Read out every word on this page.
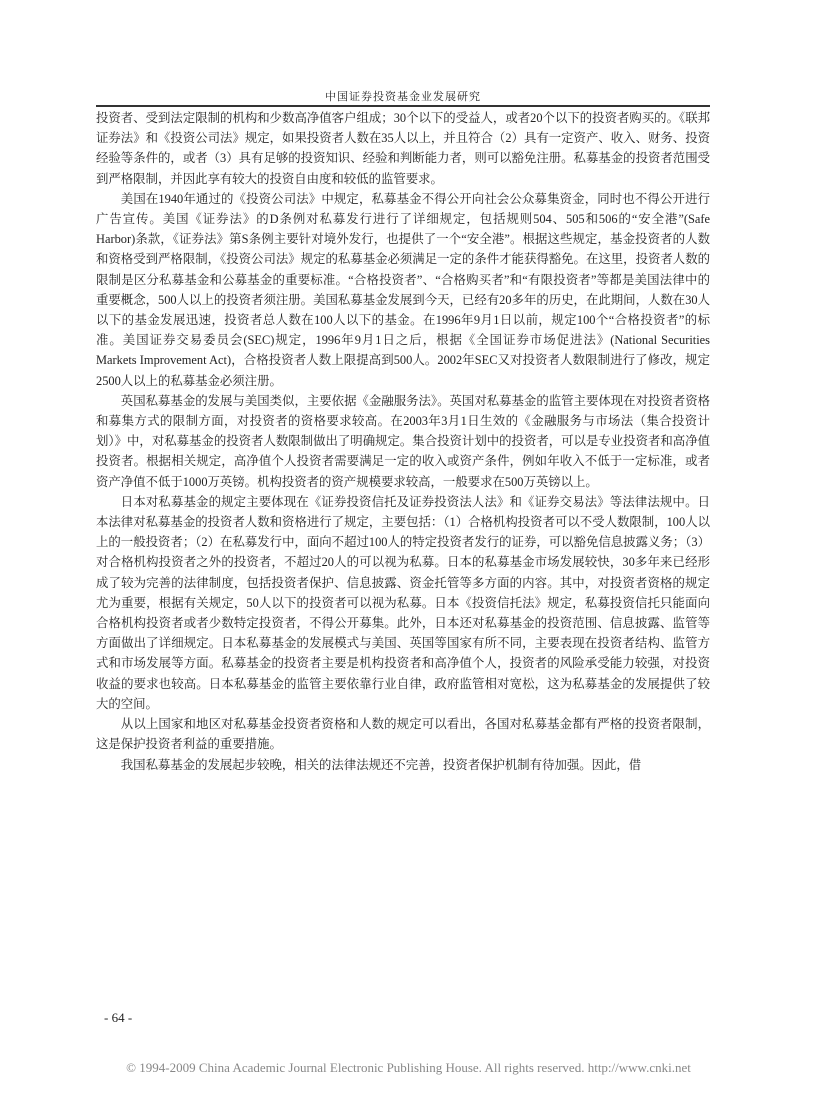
中国证券投资基金业发展研究

投资者、受到法定限制的机构和少数高净值客户组成；30个以下的受益人，或者20个以下的投资者购买的。《联邦证券法》和《投资公司法》规定，如果投资者人数在35人以上，并且符合（2）具有一定资产、收入、财务、投资经验等条件的，或者（3）具有足够的投资知识、经验和判断能力者，则可以豁免注册。私募基金的投资者范围受到严格限制，并因此享有较大的投资自由度和较低的监管要求。

美国在1940年通过的《投资公司法》中规定，私募基金不得公开向社会公众募集资金，同时也不得公开进行广告宣传。美国《证券法》的D条例对私募发行进行了详细规定，包括规则504、505和506的“安全港”(Safe Harbor)条款，《证券法》第S条例主要针对境外发行，也提供了一个“安全港”。根据这些规定，基金投资者的人数和资格受到严格限制，《投资公司法》规定的私募基金必须满足一定的条件才能获得豁免。在这里，投资者人数的限制是区分私募基金和公募基金的重要标准。“合格投资者”、“合格购买者”和“有限投资者”等都是美国法律中的重要概念，500人以上的投资者须注册。美国私募基金发展到今天，已经有20多年的历史，在此期间，人数在30人以下的基金发展迅速，投资者总人数在100人以下的基金。在1996年9月1日以前，规定100个“合格投资者”的标准。美国证券交易委员会(SEC)规定，1996年9月1日之后，根据《全国证券市场促进法》(National Securities Markets Improvement Act)，合格投资者人数上限提高到500人。2002年SEC又对投资者人数限制进行了修改，规定2500人以上的私募基金必须注册。

英国私募基金的发展与美国类似，主要依据《金融服务法》。英国对私募基金的监管主要体现在对投资者资格和募集方式的限制方面，对投资者的资格要求较高。在2003年3月1日生效的《金融服务与市场法（集合投资计划）》中，对私募基金的投资者人数限制做出了明确规定。集合投资计划中的投资者，可以是专业投资者和高净值投资者。根据相关规定，高净值个人投资者需要满足一定的收入或资产条件，例如年收入不低于一定标准，或者资产净值不低于1000万英镑。机构投资者的资产规模要求较高，一般要求在500万英镑以上。

日本对私募基金的规定主要体现在《证券投资信托及证券投资法人法》和《证券交易法》等法律法规中。日本法律对私募基金的投资者人数和资格进行了规定，主要包括：（1）合格机构投资者可以不受人数限制，100人以上的一般投资者；（2）在私募发行中，面向不超过100人的特定投资者发行的证券，可以豁免信息披露义务；（3）对合格机构投资者之外的投资者，不超过20人的可以视为私募。日本的私募基金市场发展较快，30多年来已经形成了较为完善的法律制度，包括投资者保护、信息披露、资金托管等多方面的内容。其中，对投资者资格的规定尤为重要，根据有关规定，50人以下的投资者可以视为私募。日本《投资信托法》规定，私募投资信托只能面向合格机构投资者或者少数特定投资者，不得公开募集。此外，日本还对私募基金的投资范围、信息披露、监管等方面做出了详细规定。日本私募基金的发展模式与美国、英国等国家有所不同，主要表现在投资者结构、监管方式和市场发展等方面。私募基金的投资者主要是机构投资者和高净值个人，投资者的风险承受能力较强，对投资收益的要求也较高。日本私募基金的监管主要依靠行业自律，政府监管相对宽松，这为私募基金的发展提供了较大的空间。

从以上国家和地区对私募基金投资者资格和人数的规定可以看出，各国对私募基金都有严格的投资者限制，这是保护投资者利益的重要措施。

我国私募基金的发展起步较晚，相关的法律法规还不完善，投资者保护机制有待加强。因此，借

- 64 -
© 1994-2009 China Academic Journal Electronic Publishing House. All rights reserved. http://www.cnki.net
